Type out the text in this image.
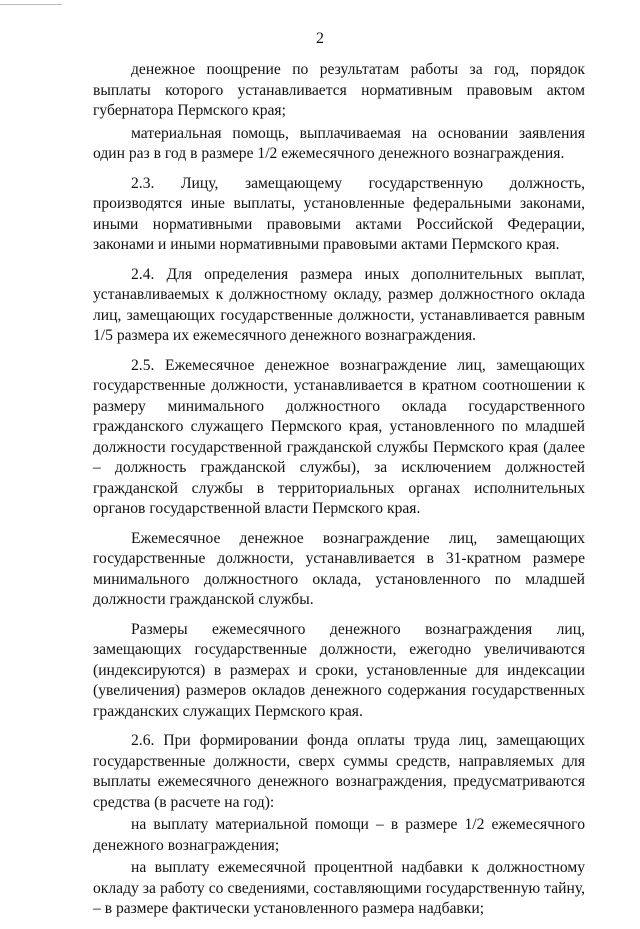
2

денежное поощрение по результатам работы за год, порядок выплаты которого устанавливается нормативным правовым актом губернатора Пермского края;

материальная помощь, выплачиваемая на основании заявления один раз в год в размере 1/2 ежемесячного денежного вознаграждения.

2.3. Лицу, замещающему государственную должность, производятся иные выплаты, установленные федеральными законами, иными нормативными правовыми актами Российской Федерации, законами и иными нормативными правовыми актами Пермского края.

2.4. Для определения размера иных дополнительных выплат, устанавливаемых к должностному окладу, размер должностного оклада лиц, замещающих государственные должности, устанавливается равным 1/5 размера их ежемесячного денежного вознаграждения.

2.5. Ежемесячное денежное вознаграждение лиц, замещающих государственные должности, устанавливается в кратном соотношении к размеру минимального должностного оклада государственного гражданского служащего Пермского края, установленного по младшей должности государственной гражданской службы Пермского края (далее – должность гражданской службы), за исключением должностей гражданской службы в территориальных органах исполнительных органов государственной власти Пермского края.

Ежемесячное денежное вознаграждение лиц, замещающих государственные должности, устанавливается в 31-кратном размере минимального должностного оклада, установленного по младшей должности гражданской службы.

Размеры ежемесячного денежного вознаграждения лиц, замещающих государственные должности, ежегодно увеличиваются (индексируются) в размерах и сроки, установленные для индексации (увеличения) размеров окладов денежного содержания государственных гражданских служащих Пермского края.

2.6. При формировании фонда оплаты труда лиц, замещающих государственные должности, сверх суммы средств, направляемых для выплаты ежемесячного денежного вознаграждения, предусматриваются средства (в расчете на год):

на выплату материальной помощи – в размере 1/2 ежемесячного денежного вознаграждения;

на выплату ежемесячной процентной надбавки к должностному окладу за работу со сведениями, составляющими государственную тайну, – в размере фактически установленного размера надбавки;
